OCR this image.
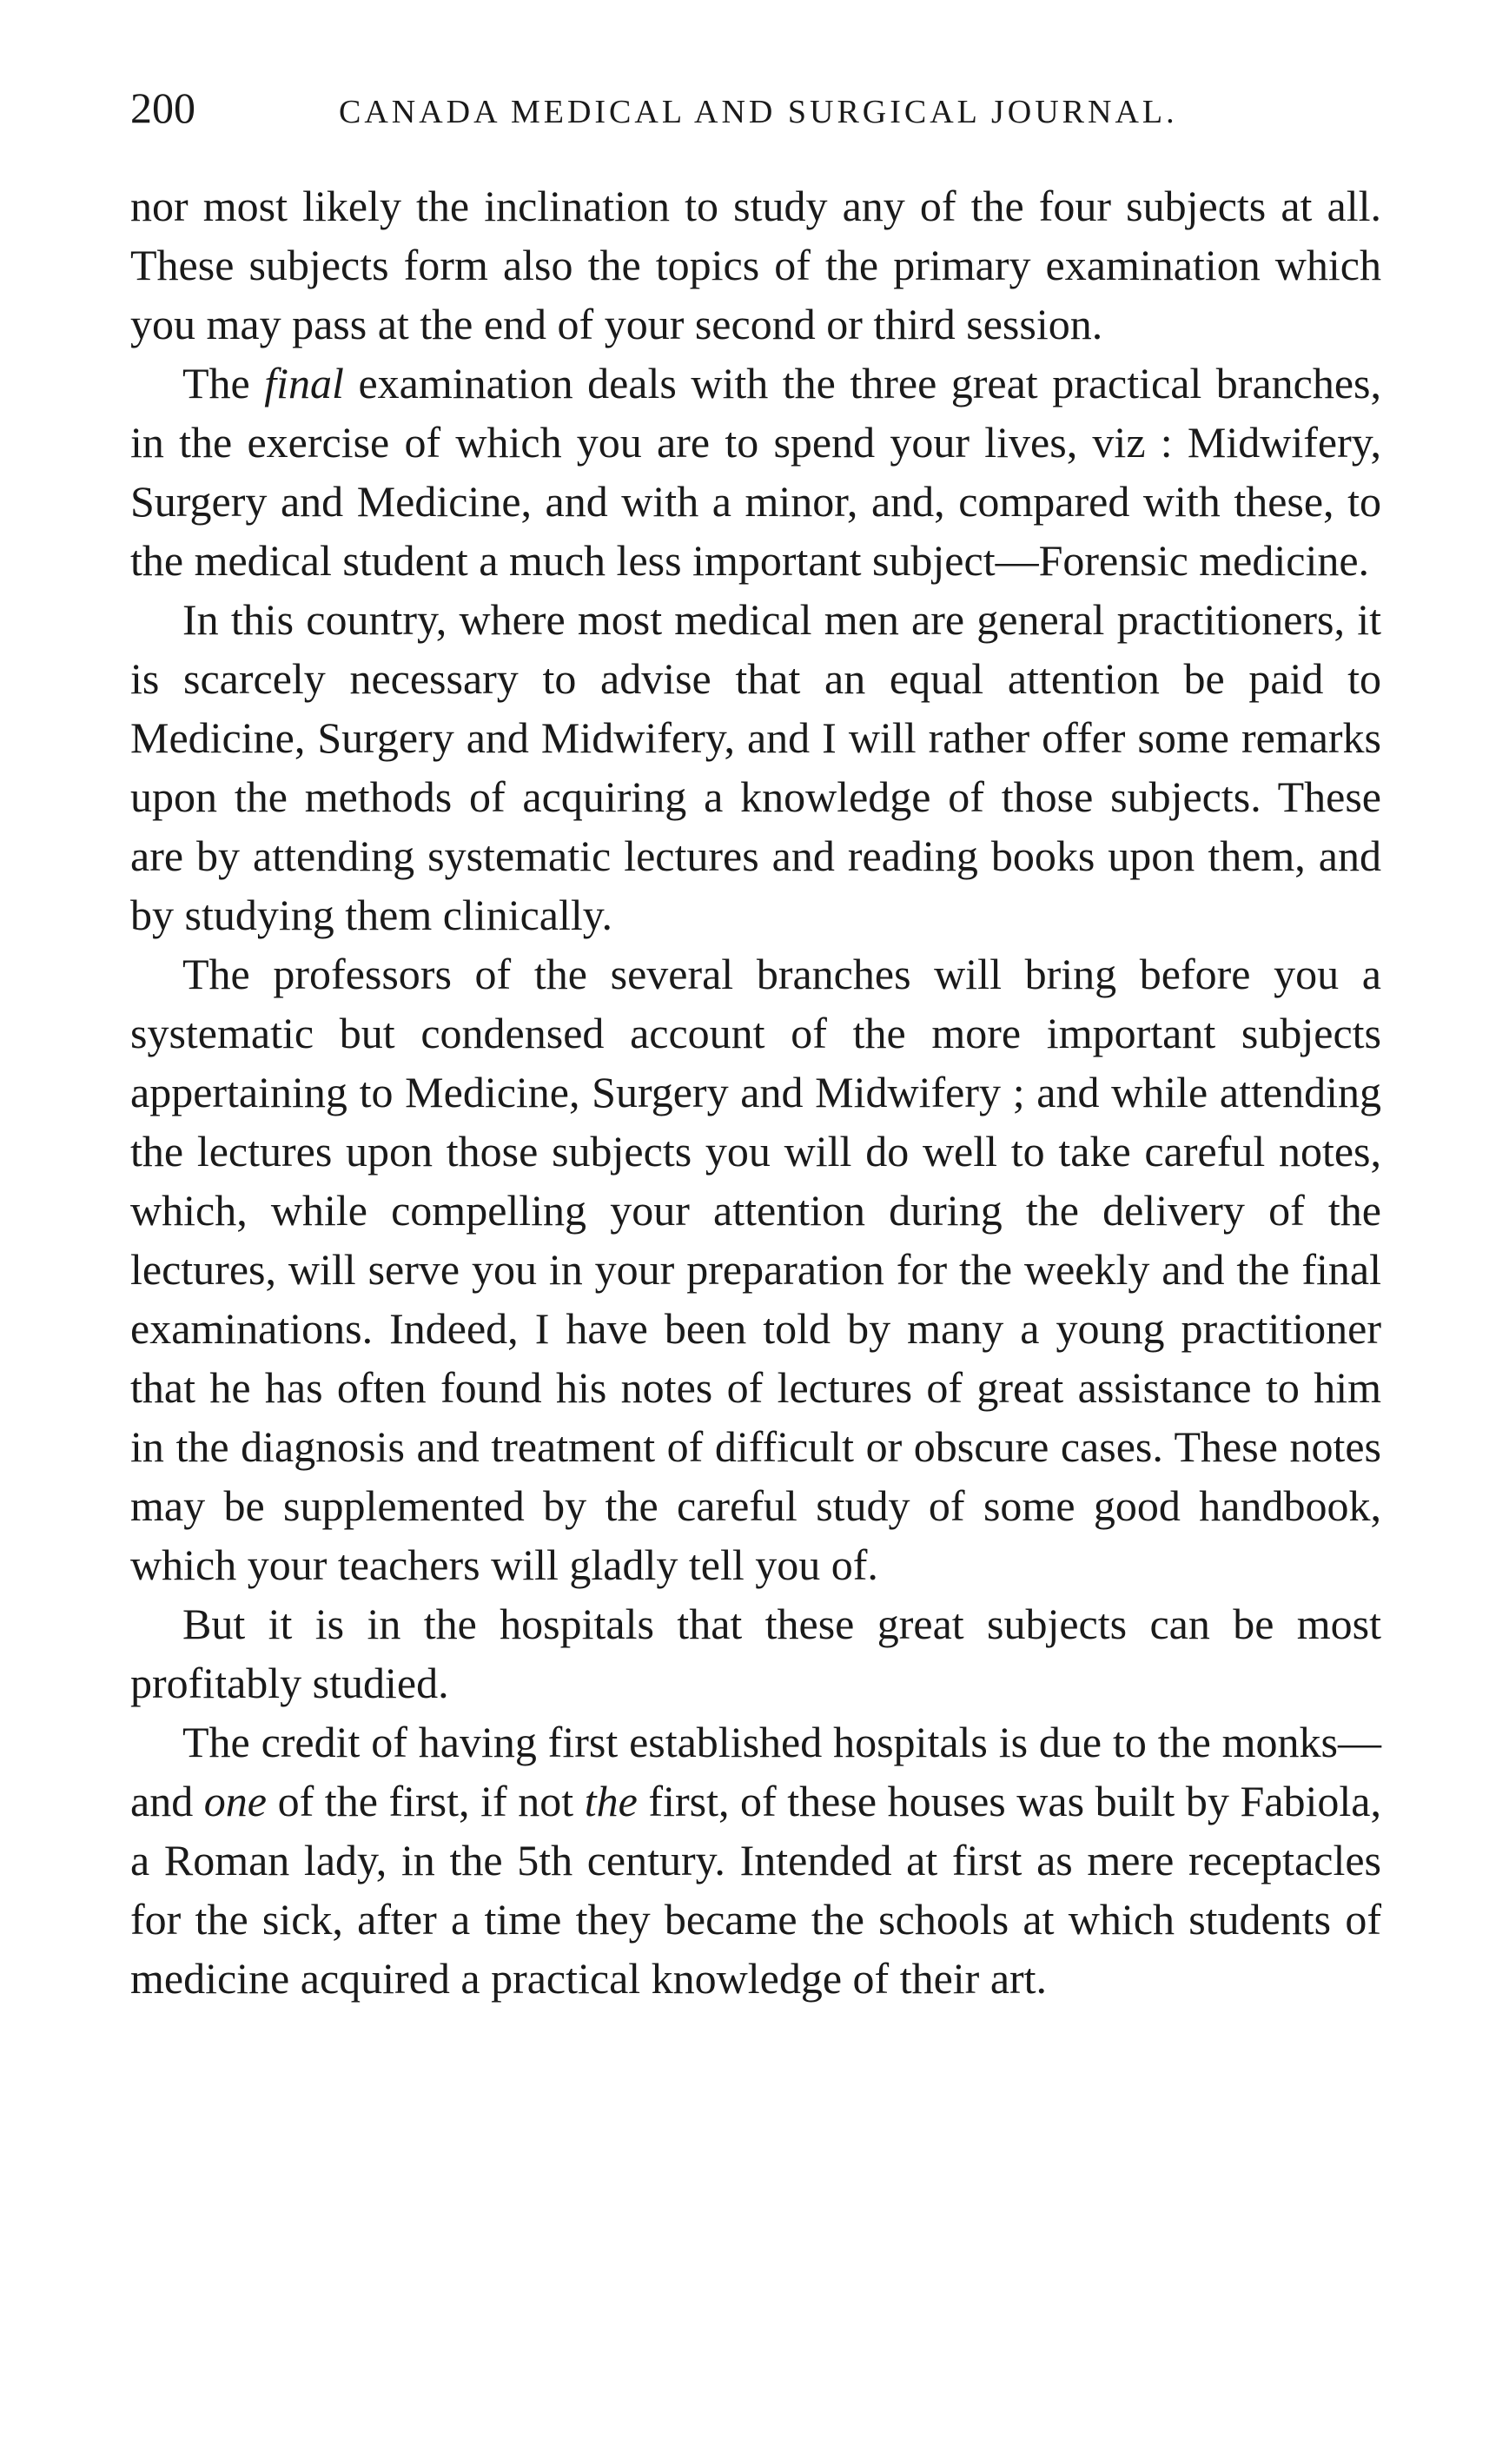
200	CANADA MEDICAL AND SURGICAL JOURNAL.

nor most likely the inclination to study any of the four subjects at all. These subjects form also the topics of the primary examination which you may pass at the end of your second or third session.

The final examination deals with the three great practical branches, in the exercise of which you are to spend your lives, viz : Midwifery, Surgery and Medicine, and with a minor, and, compared with these, to the medical student a much less important subject—Forensic medicine.

In this country, where most medical men are general practitioners, it is scarcely necessary to advise that an equal attention be paid to Medicine, Surgery and Midwifery, and I will rather offer some remarks upon the methods of acquiring a knowledge of those subjects. These are by attending systematic lectures and reading books upon them, and by studying them clinically.

The professors of the several branches will bring before you a systematic but condensed account of the more important subjects appertaining to Medicine, Surgery and Midwifery ; and while attending the lectures upon those subjects you will do well to take careful notes, which, while compelling your attention during the delivery of the lectures, will serve you in your preparation for the weekly and the final examinations. Indeed, I have been told by many a young practitioner that he has often found his notes of lectures of great assistance to him in the diagnosis and treatment of difficult or obscure cases. These notes may be supplemented by the careful study of some good handbook, which your teachers will gladly tell you of.

But it is in the hospitals that these great subjects can be most profitably studied.

The credit of having first established hospitals is due to the monks—and one of the first, if not the first, of these houses was built by Fabiola, a Roman lady, in the 5th century. Intended at first as mere receptacles for the sick, after a time they became the schools at which students of medicine acquired a practical knowledge of their art.
